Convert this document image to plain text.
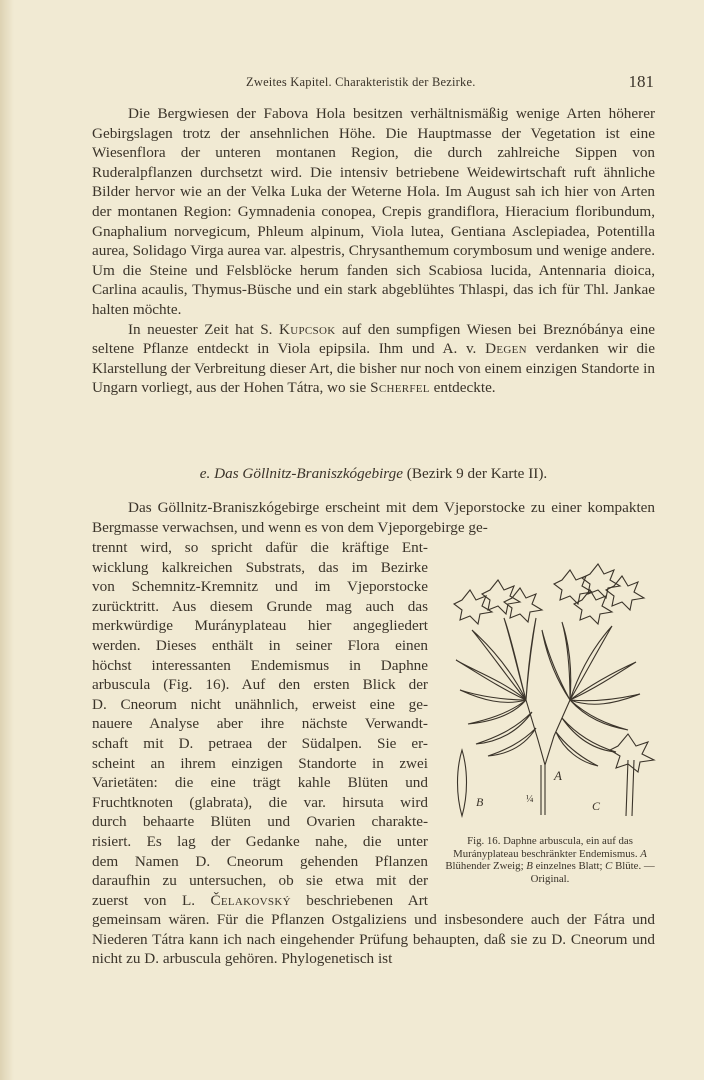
Zweites Kapitel. Charakteristik der Bezirke.	181

Die Bergwiesen der Fabova Hola besitzen verhältnismäßig wenige Arten höherer Gebirgslagen trotz der ansehnlichen Höhe. Die Hauptmasse der Vegetation ist eine Wiesenflora der unteren montanen Region, die durch zahlreiche Sippen von Ruderalpflanzen durchsetzt wird. Die intensiv betriebene Weidewirtschaft ruft ähnliche Bilder hervor wie an der Velka Luka der Weterne Hola. Im August sah ich hier von Arten der montanen Region: Gymnadenia conopea, Crepis grandiflora, Hieracium floribundum, Gnaphalium norvegicum, Phleum alpinum, Viola lutea, Gentiana Asclepiadea, Potentilla aurea, Solidago Virga aurea var. alpestris, Chrysanthemum corymbosum und wenige andere. Um die Steine und Felsblöcke herum fanden sich Scabiosa lucida, Antennaria dioica, Carlina acaulis, Thymus-Büsche und ein stark abgeblühtes Thlaspi, das ich für Thl. Jankae halten möchte.

In neuester Zeit hat S. Kupcsok auf den sumpfigen Wiesen bei Breznóbánya eine seltene Pflanze entdeckt in Viola epipsila. Ihm und A. v. Degen verdanken wir die Klarstellung der Verbreitung dieser Art, die bisher nur noch von einem einzigen Standorte in Ungarn vorliegt, aus der Hohen Tátra, wo sie Scherfel entdeckte.

e. Das Göllnitz-Braniszkógebirge (Bezirk 9 der Karte II).

Das Göllnitz-Braniszkógebirge erscheint mit dem Vjeporstocke zu einer kompakten Bergmasse verwachsen, und wenn es von dem Vjeporgebirge ge-

trennt wird, so spricht dafür die kräftige Ent-
wicklung kalkreichen Substrats, das im Bezirke
von Schemnitz-Kremnitz und im Vjeporstocke
zurücktritt. Aus diesem Grunde mag auch das
merkwürdige Murányplateau hier angegliedert
werden. Dieses enthält in seiner Flora einen
höchst interessanten Endemismus in Daphne
arbuscula (Fig. 16). Auf den ersten Blick der
D. Cneorum nicht unähnlich, erweist eine ge-
nauere Analyse aber ihre nächste Verwandt-
schaft mit D. petraea der Südalpen. Sie er-
scheint an ihrem einzigen Standorte in zwei
Varietäten: die eine trägt kahle Blüten und
Fruchtknoten (glabrata), die var. hirsuta wird
durch behaarte Blüten und Ovarien charakte-
risiert. Es lag der Gedanke nahe, die unter
dem Namen D. Cneorum gehenden Pflanzen
daraufhin zu untersuchen, ob sie etwa mit der
zuerst von L. Čelakovský beschriebenen Art

gemeinsam wären. Für die Pflanzen Ostgaliziens und insbesondere auch der Fátra und Niederen Tátra kann ich nach eingehender Prüfung behaupten, daß sie zu D. Cneorum und nicht zu D. arbuscula gehören. Phylogenetisch ist

A
B	¼	C
Fig. 16. Daphne arbuscula, ein auf das Murányplateau beschränkter Endemismus. A Blühender Zweig; B einzelnes Blatt; C Blüte. — Original.
